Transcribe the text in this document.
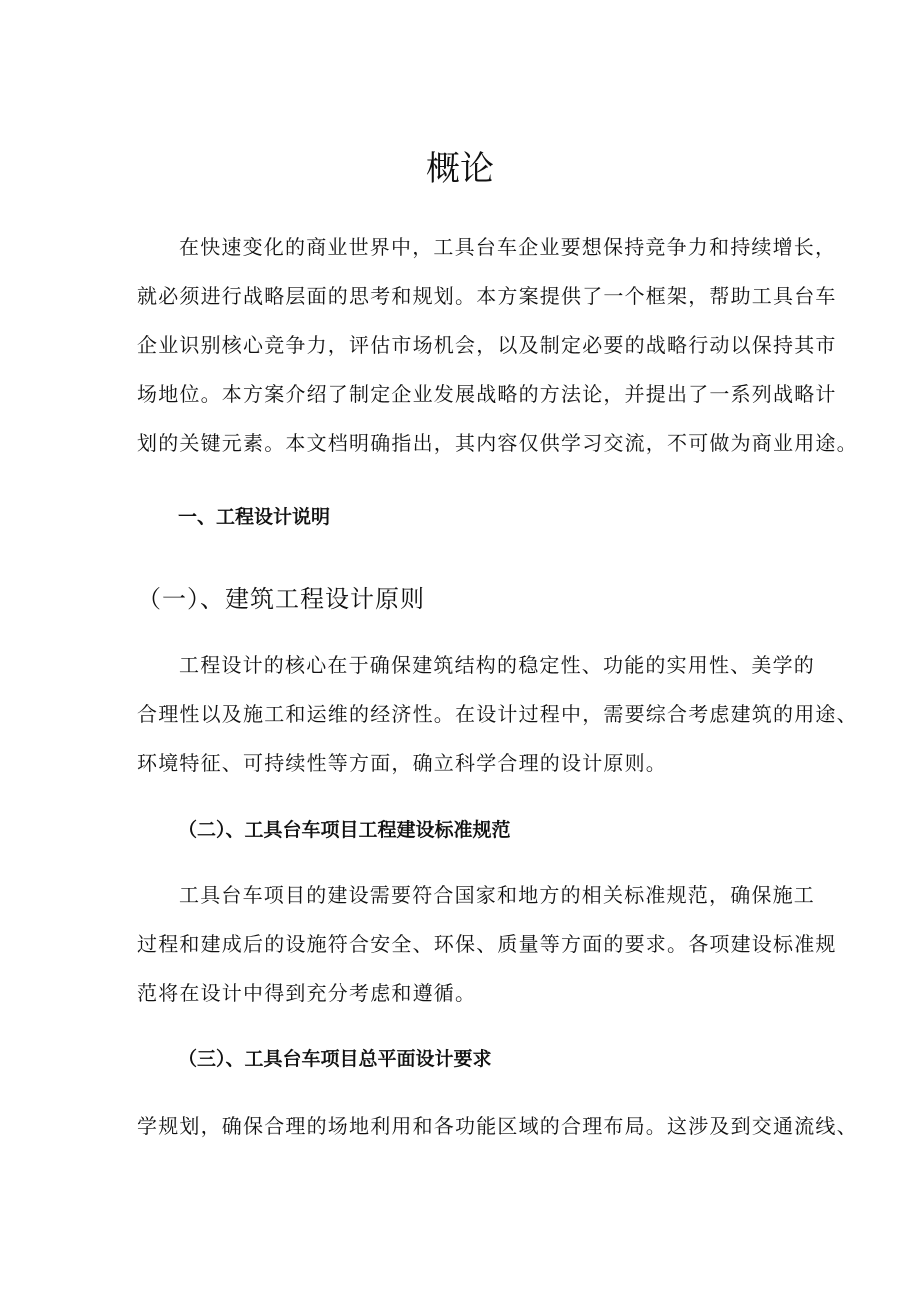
概论
在快速变化的商业世界中，工具台车企业要想保持竞争力和持续增长，
就必须进行战略层面的思考和规划。本方案提供了一个框架，帮助工具台车
企业识别核心竞争力，评估市场机会，以及制定必要的战略行动以保持其市
场地位。本方案介绍了制定企业发展战略的方法论，并提出了一系列战略计
划的关键元素。本文档明确指出，其内容仅供学习交流，不可做为商业用途。
一、工程设计说明
（一）、建筑工程设计原则
工程设计的核心在于确保建筑结构的稳定性、功能的实用性、美学的
合理性以及施工和运维的经济性。在设计过程中，需要综合考虑建筑的用途、
环境特征、可持续性等方面，确立科学合理的设计原则。
（二）、工具台车项目工程建设标准规范
工具台车项目的建设需要符合国家和地方的相关标准规范，确保施工
过程和建成后的设施符合安全、环保、质量等方面的要求。各项建设标准规
范将在设计中得到充分考虑和遵循。
（三）、工具台车项目总平面设计要求
学规划，确保合理的场地利用和各功能区域的合理布局。这涉及到交通流线、
